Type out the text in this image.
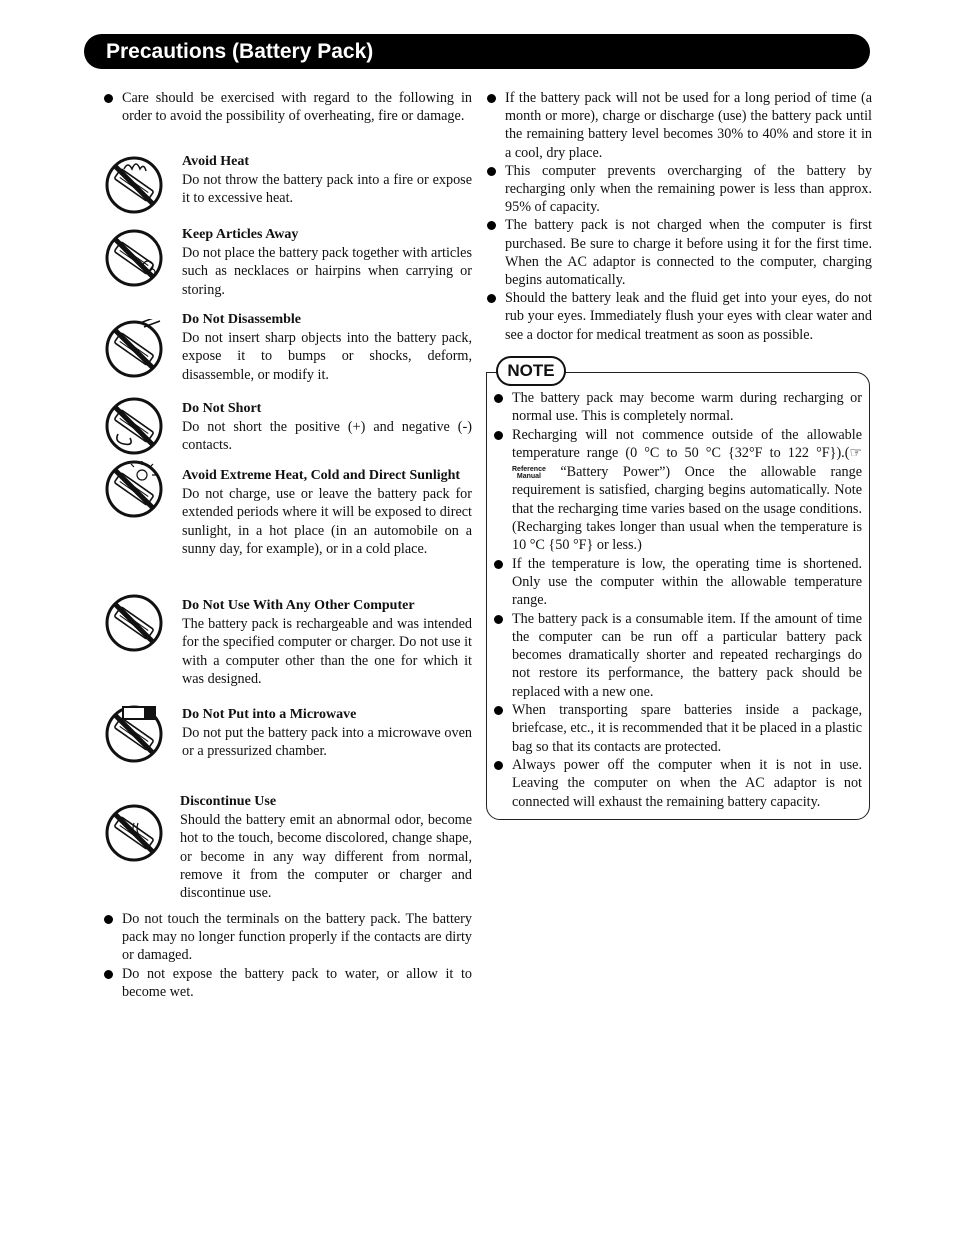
Precautions (Battery Pack)
Care should be exercised with regard to the following in order to avoid the possibility of overheating, fire or damage.
Avoid Heat
Do not throw the battery pack into a fire or expose it to excessive heat.
Keep Articles Away
Do not place the battery pack together with articles such as necklaces or hairpins when carrying or storing.
Do Not Disassemble
Do not insert sharp objects into the battery pack, expose it to bumps or shocks, deform, disassemble, or modify it.
Do Not Short
Do not short the positive (+) and negative (-) contacts.
Avoid Extreme Heat, Cold and Direct Sunlight
Do not charge, use or leave the battery pack for extended periods where it will be exposed to direct sunlight, in a hot place (in an automobile on a sunny day, for example), or in a cold place.
Do Not Use With Any Other Computer
The battery pack is rechargeable and was intended for the specified computer or charger. Do not use it with a computer other than the one for which it was designed.
Do Not Put into a Microwave
Do not put the battery pack into a microwave oven or a pressurized chamber.
Discontinue Use
Should the battery emit an abnormal odor, become hot to the touch, become discolored, change shape, or become in any way different from normal, remove it from the computer or charger and discontinue use.
Do not touch the terminals on the battery pack. The battery pack may no longer function properly if the contacts are dirty or damaged.
Do not expose the battery pack to water, or allow it to become wet.
If the battery pack will not be used for a long period of time (a month or more), charge or discharge (use) the battery pack until the remaining battery level becomes 30% to 40% and store it in a cool, dry place.
This computer prevents overcharging of the battery by recharging only when the remaining power is less than approx. 95% of capacity.
The battery pack is not charged when the computer is first purchased. Be sure to charge it before using it for the first time. When the AC adaptor is connected to the computer, charging begins automatically.
Should the battery leak and the fluid get into your eyes, do not rub your eyes. Immediately flush your eyes with clear water and see a doctor for medical treatment as soon as possible.
NOTE
The battery pack may become warm during recharging or normal use. This is completely normal.
Recharging will not commence outside of the allowable temperature range (0 °C to 50 °C {32°F to 122 °F}).(☞ Reference
Manual “Battery Power”) Once the allowable range requirement is satisfied, charging begins automatically. Note that the recharging time varies based on the usage conditions. (Recharging takes longer than usual when the temperature is 10 °C {50 °F} or less.)
If the temperature is low, the operating time is shortened. Only use the computer within the allowable temperature range.
The battery pack is a consumable item. If the amount of time the computer can be run off a particular battery pack becomes dramatically shorter and repeated rechargings do not restore its performance, the battery pack should be replaced with a new one.
When transporting spare batteries inside a package, briefcase, etc., it is recommended that it be placed in a plastic bag so that its contacts are protected.
Always power off the computer when it is not in use. Leaving the computer on when the AC adaptor is not connected will exhaust the remaining battery capacity.
